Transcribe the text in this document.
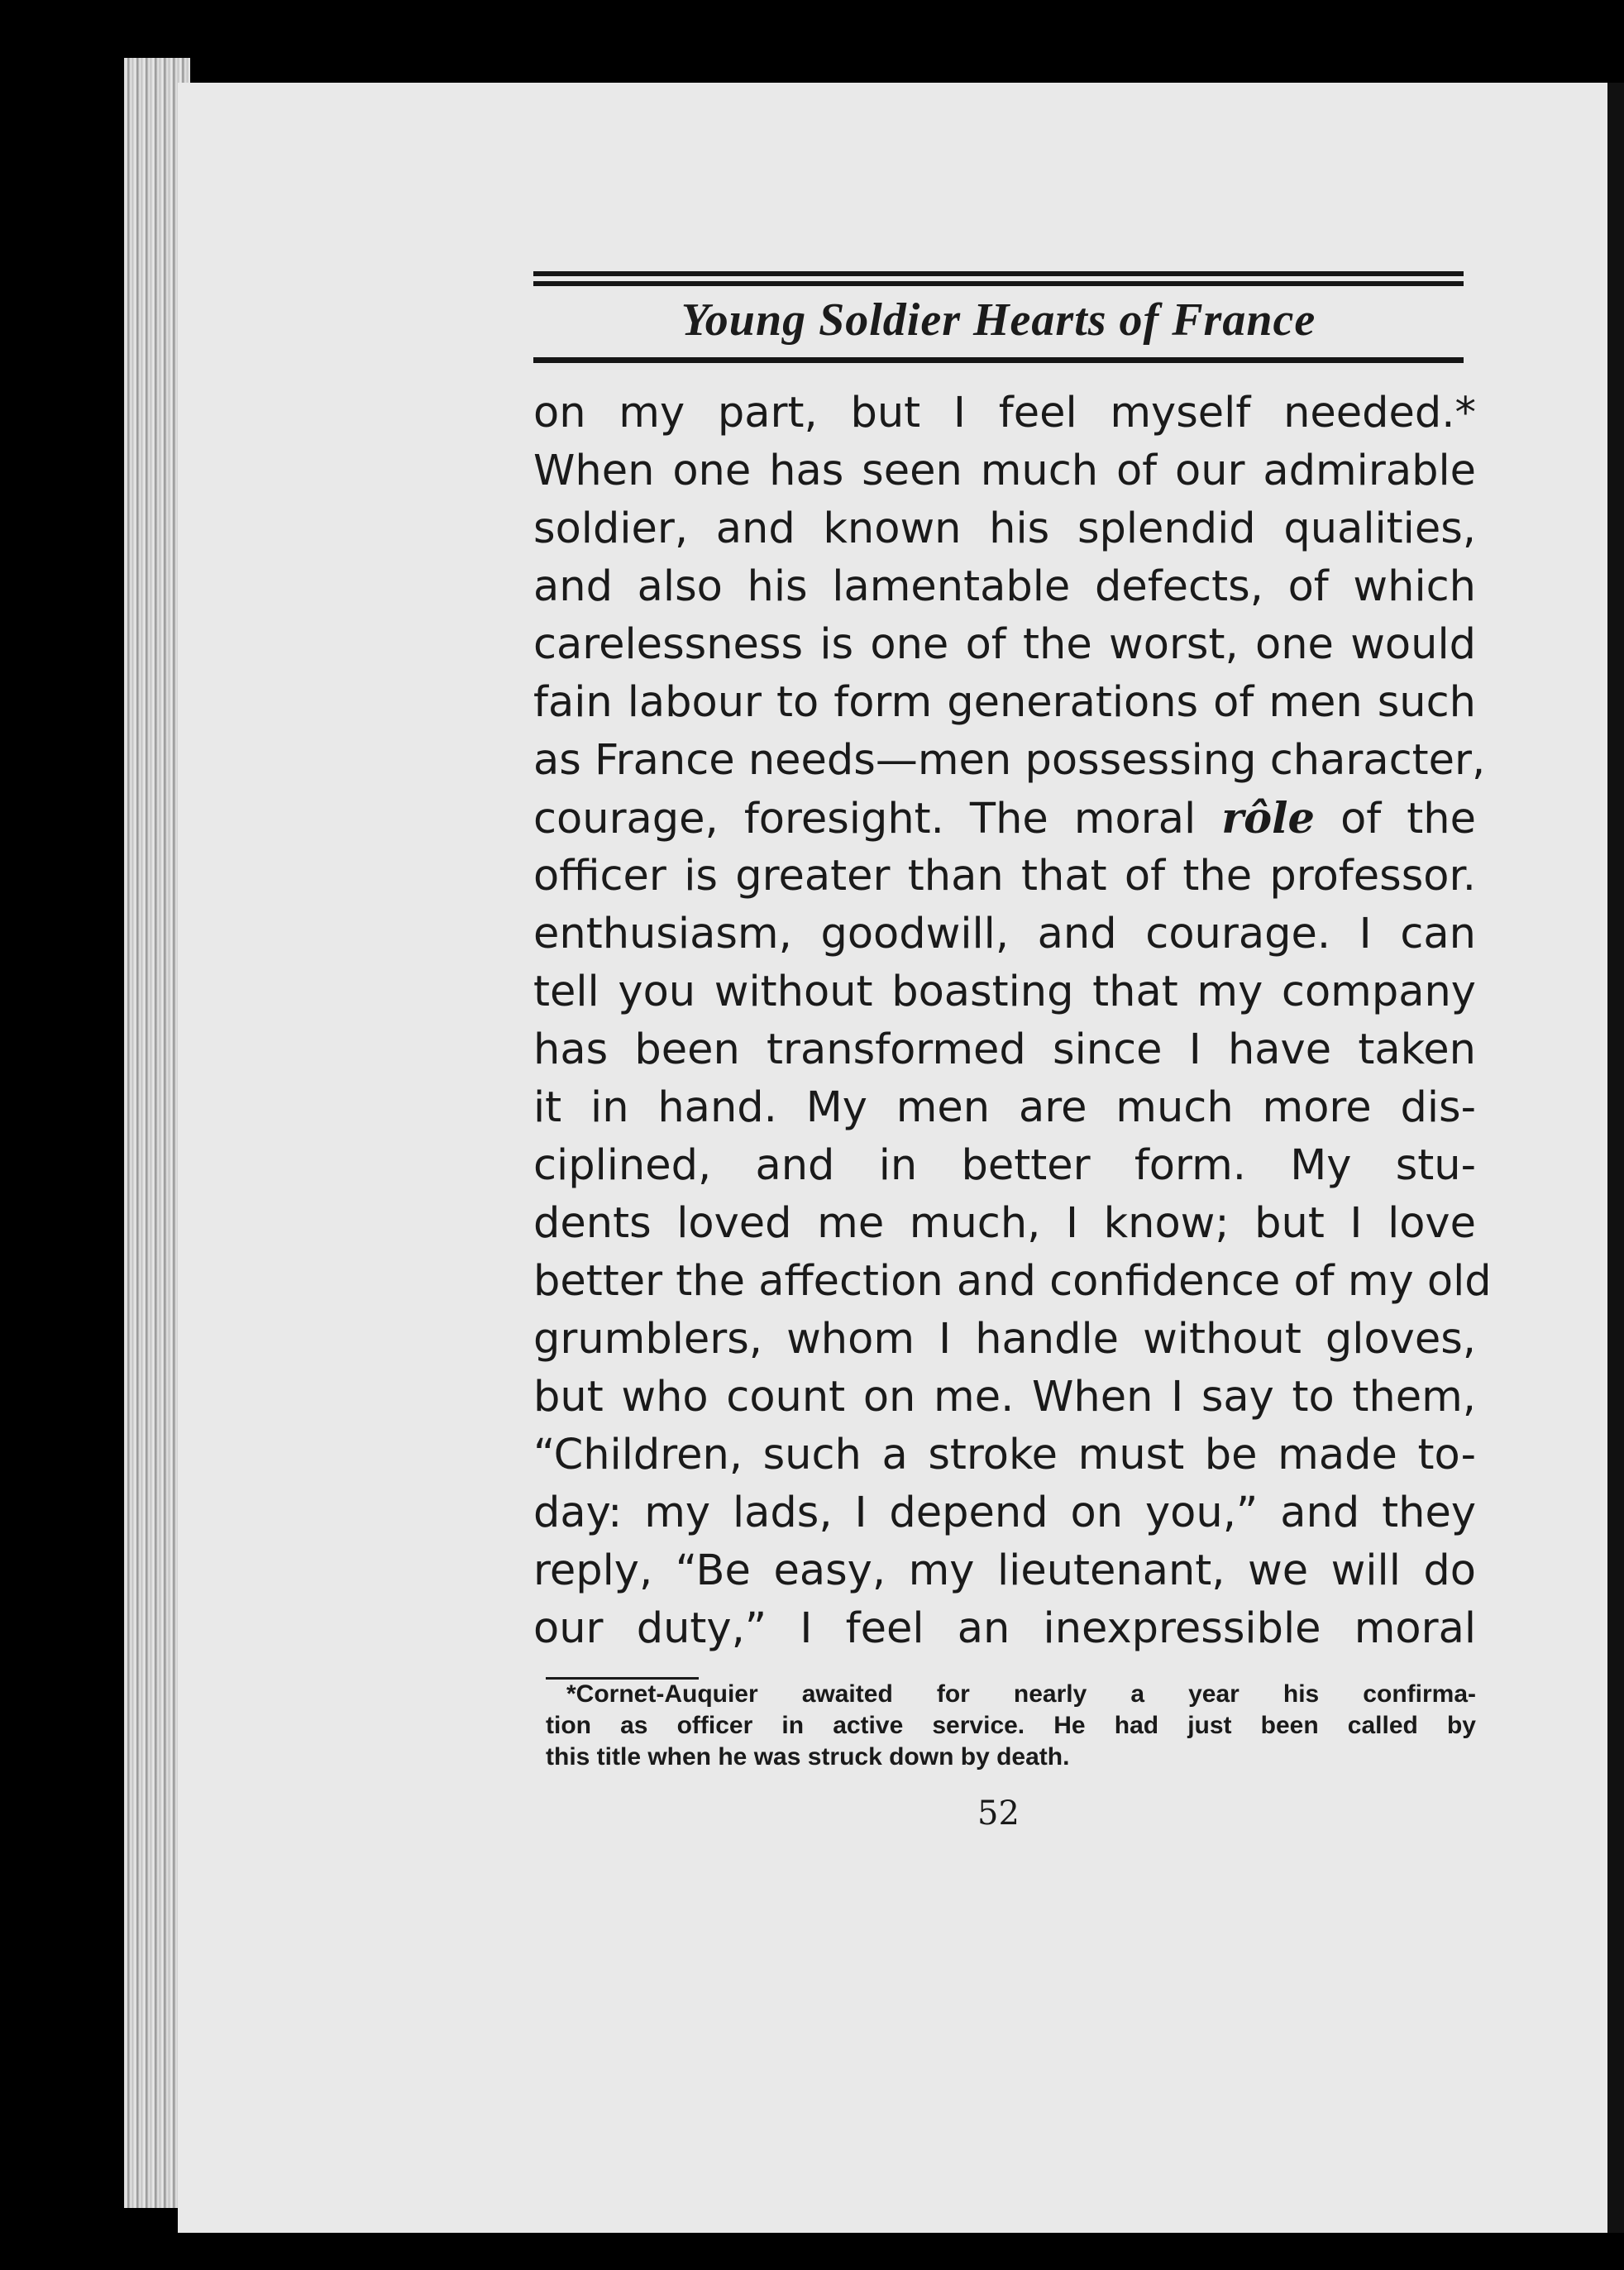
Young Soldier Hearts of France
on my part, but I feel myself needed.*
When one has seen much of our admirable
soldier, and known his splendid qualities,
and also his lamentable defects, of which
carelessness is one of the worst, one would
fain labour to form generations of men such
as France needs—men possessing character,
courage, foresight. The moral rôle of the
officer is greater than that of the professor.
enthusiasm, goodwill, and courage. I can
tell you without boasting that my company
has been transformed since I have taken
it in hand. My men are much more dis-
ciplined, and in better form. My stu-
dents loved me much, I know; but I love
better the affection and confidence of my old
grumblers, whom I handle without gloves,
but who count on me. When I say to them,
“Children, such a stroke must be made to-
day: my lads, I depend on you,” and they
reply, “Be easy, my lieutenant, we will do
our duty,” I feel an inexpressible moral
*Cornet-Auquier awaited for nearly a year his confirma-
tion as officer in active service. He had just been called by
this title when he was struck down by death.
52
